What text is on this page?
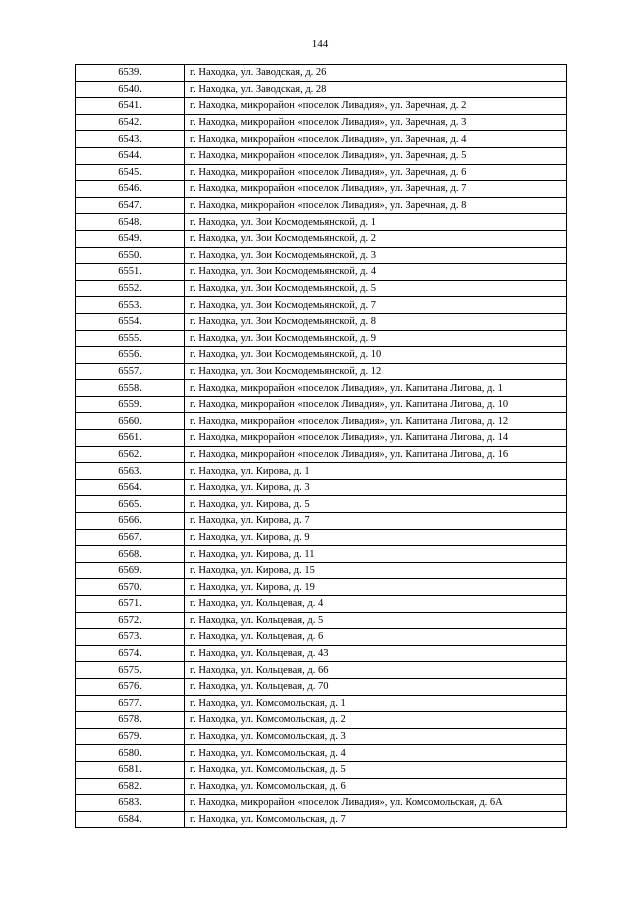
144
6539.	г. Находка, ул. Заводская, д. 26
6540.	г. Находка, ул. Заводская, д. 28
6541.	г. Находка, микрорайон «поселок Ливадия», ул. Заречная, д. 2
6542.	г. Находка, микрорайон «поселок Ливадия», ул. Заречная, д. 3
6543.	г. Находка, микрорайон «поселок Ливадия», ул. Заречная, д. 4
6544.	г. Находка, микрорайон «поселок Ливадия», ул. Заречная, д. 5
6545.	г. Находка, микрорайон «поселок Ливадия», ул. Заречная, д. 6
6546.	г. Находка, микрорайон «поселок Ливадия», ул. Заречная, д. 7
6547.	г. Находка, микрорайон «поселок Ливадия», ул. Заречная, д. 8
6548.	г. Находка, ул. Зои Космодемьянской, д. 1
6549.	г. Находка, ул. Зои Космодемьянской, д. 2
6550.	г. Находка, ул. Зои Космодемьянской, д. 3
6551.	г. Находка, ул. Зои Космодемьянской, д. 4
6552.	г. Находка, ул. Зои Космодемьянской, д. 5
6553.	г. Находка, ул. Зои Космодемьянской, д. 7
6554.	г. Находка, ул. Зои Космодемьянской, д. 8
6555.	г. Находка, ул. Зои Космодемьянской, д. 9
6556.	г. Находка, ул. Зои Космодемьянской, д. 10
6557.	г. Находка, ул. Зои Космодемьянской, д. 12
6558.	г. Находка, микрорайон «поселок Ливадия», ул. Капитана Лигова, д. 1
6559.	г. Находка, микрорайон «поселок Ливадия», ул. Капитана Лигова, д. 10
6560.	г. Находка, микрорайон «поселок Ливадия», ул. Капитана Лигова, д. 12
6561.	г. Находка, микрорайон «поселок Ливадия», ул. Капитана Лигова, д. 14
6562.	г. Находка, микрорайон «поселок Ливадия», ул. Капитана Лигова, д. 16
6563.	г. Находка, ул. Кирова, д. 1
6564.	г. Находка, ул. Кирова, д. 3
6565.	г. Находка, ул. Кирова, д. 5
6566.	г. Находка, ул. Кирова, д. 7
6567.	г. Находка, ул. Кирова, д. 9
6568.	г. Находка, ул. Кирова, д. 11
6569.	г. Находка, ул. Кирова, д. 15
6570.	г. Находка, ул. Кирова, д. 19
6571.	г. Находка, ул. Кольцевая, д. 4
6572.	г. Находка, ул. Кольцевая, д. 5
6573.	г. Находка, ул. Кольцевая, д. 6
6574.	г. Находка, ул. Кольцевая, д. 43
6575.	г. Находка, ул. Кольцевая, д. 66
6576.	г. Находка, ул. Кольцевая, д. 70
6577.	г. Находка, ул. Комсомольская, д. 1
6578.	г. Находка, ул. Комсомольская, д. 2
6579.	г. Находка, ул. Комсомольская, д. 3
6580.	г. Находка, ул. Комсомольская, д. 4
6581.	г. Находка, ул. Комсомольская, д. 5
6582.	г. Находка, ул. Комсомольская, д. 6
6583.	г. Находка, микрорайон «поселок Ливадия», ул. Комсомольская, д. 6А
6584.	г. Находка, ул. Комсомольская, д. 7
